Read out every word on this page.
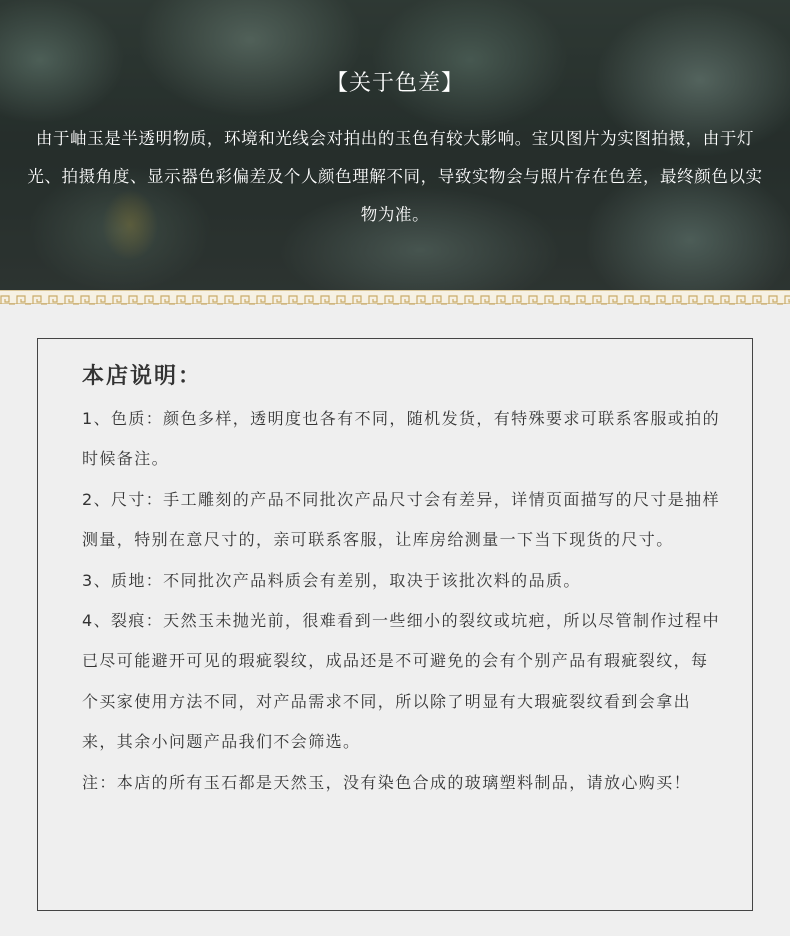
【关于色差】
由于岫玉是半透明物质，环境和光线会对拍出的玉色有较大影响。宝贝图片为实图拍摄，由于灯光、拍摄角度、显示器色彩偏差及个人颜色理解不同，导致实物会与照片存在色差，最终颜色以实物为准。
本店说明：

1、色质：颜色多样，透明度也各有不同，随机发货，有特殊要求可联系客服或拍的时候备注。

2、尺寸：手工雕刻的产品不同批次产品尺寸会有差异，详情页面描写的尺寸是抽样测量，特别在意尺寸的，亲可联系客服，让库房给测量一下当下现货的尺寸。

3、质地：不同批次产品料质会有差别，取决于该批次料的品质。

4、裂痕：天然玉未抛光前，很难看到一些细小的裂纹或坑疤，所以尽管制作过程中已尽可能避开可见的瑕疵裂纹，成品还是不可避免的会有个别产品有瑕疵裂纹，每个买家使用方法不同，对产品需求不同，所以除了明显有大瑕疵裂纹看到会拿出来，其余小问题产品我们不会筛选。

注：本店的所有玉石都是天然玉，没有染色合成的玻璃塑料制品，请放心购买！
